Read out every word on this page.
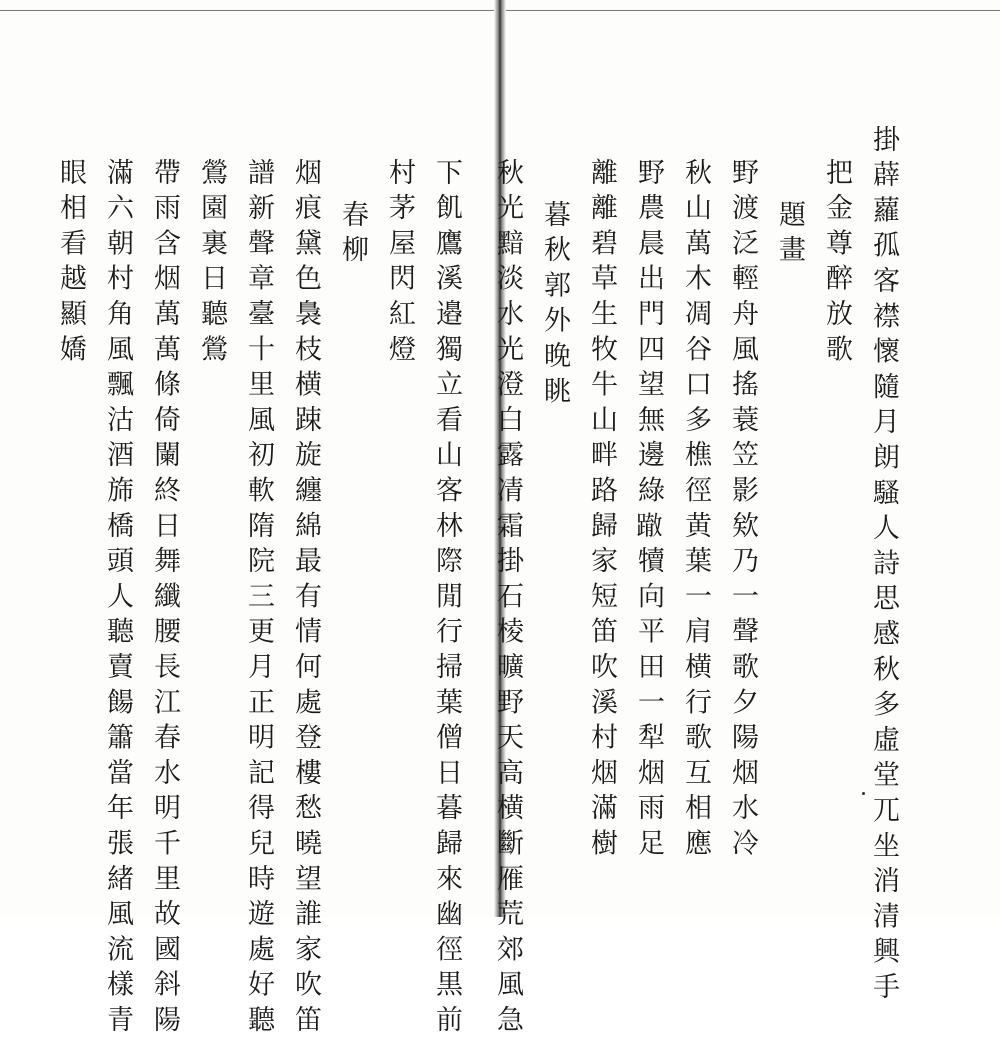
掛薜蘿孤客襟懷隨月朗騷人詩思感秋多虛堂兀坐消清興手
把金尊醉放歌
題畫
野渡泛輕舟風搖蓑笠影欸乃一聲歌夕陽烟水冷
秋山萬木凋谷口多樵徑黄葉一肩横行歌互相應
野農晨出門四望無邊綠𨅊犢向平田一犁烟雨足
離離碧草生牧牛山畔路歸家短笛吹溪村烟滿樹
暮秋郭外晚眺
秋光黯淡水光澄白露凊霜掛石棱曠野天高横斷雁荒郊風急
下飢鷹溪邉獨立看山客林際閒行掃葉僧日暮歸來幽徑黒前
村茅屋閃紅燈
春柳
烟痕黛色裊枝横踈旋纏綿最有情何處登樓愁曉望誰家吹笛
譜新聲章臺十里風初軟隋院三更月正明記得兒時遊處好聽
鶯園裏日聽鶯
帶雨含烟萬萬條倚闌終日舞纖腰長江春水明千里故國斜陽
滿六朝村角風飄沽酒旆橋頭人聽賣餳簫當年張緒風流樣青
眼相看越顯嬌
